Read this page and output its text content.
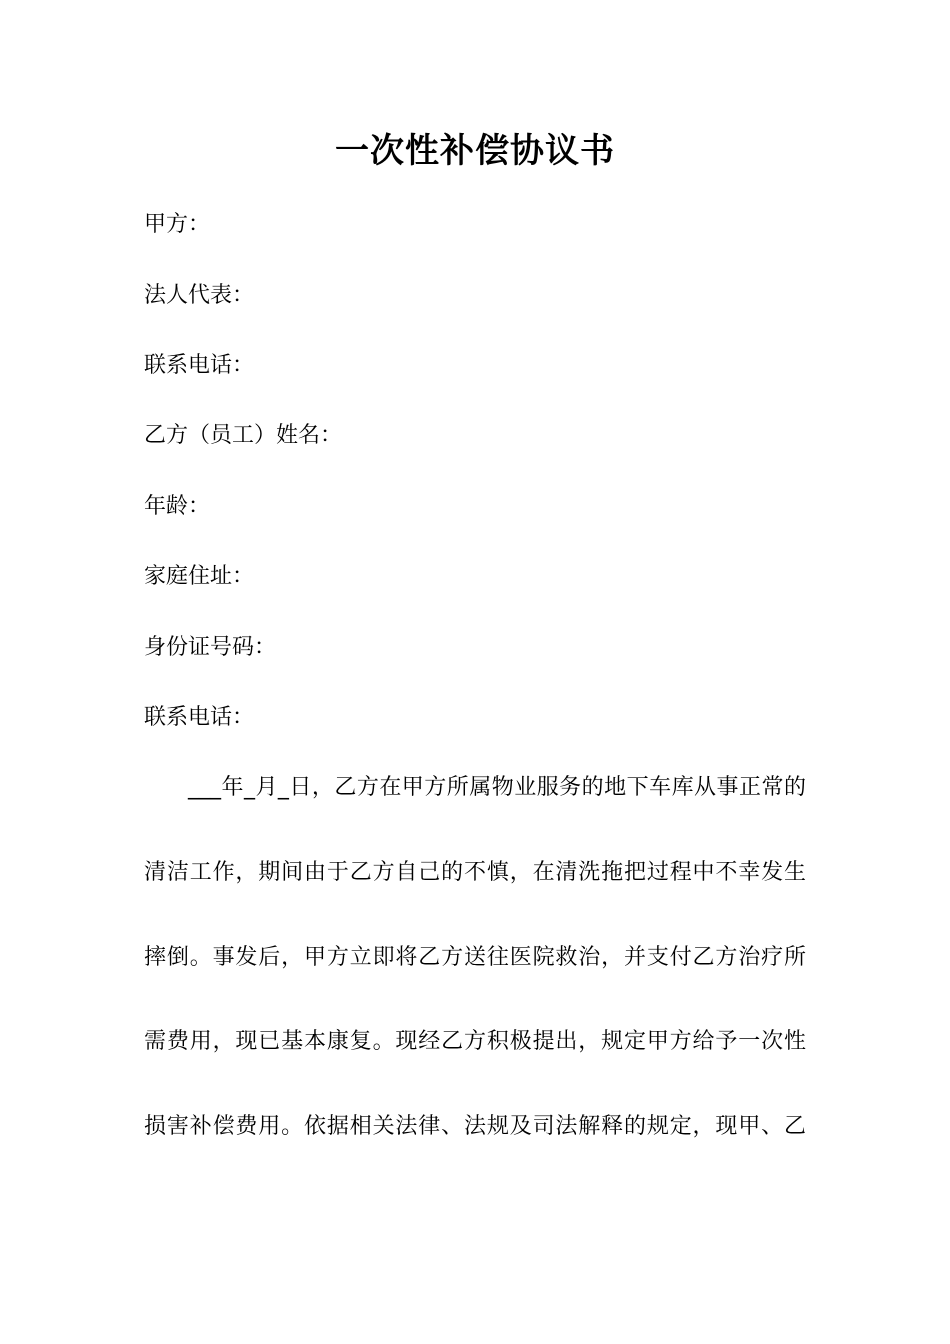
一次性补偿协议书

甲方 ：

法人代表 ：

联系电话 ：

乙方（员工）姓名 ：

年龄 ：

家庭住址 ：

身份证号码 ：

联系电话 ：

___年_月_日，乙方在甲方所属物业服务的地下车库从事正常的

清洁工作，期间由于乙方自己的不慎，在清洗拖把过程中不幸发生

摔倒。事发后，甲方立即将乙方送往医院救治，并支付乙方治疗所

需费用，现已基本康复。现经乙方积极提出，规定甲方给予一次性

损害补偿费用。依据相关法律、法规及司法解释的规定，现甲、乙
